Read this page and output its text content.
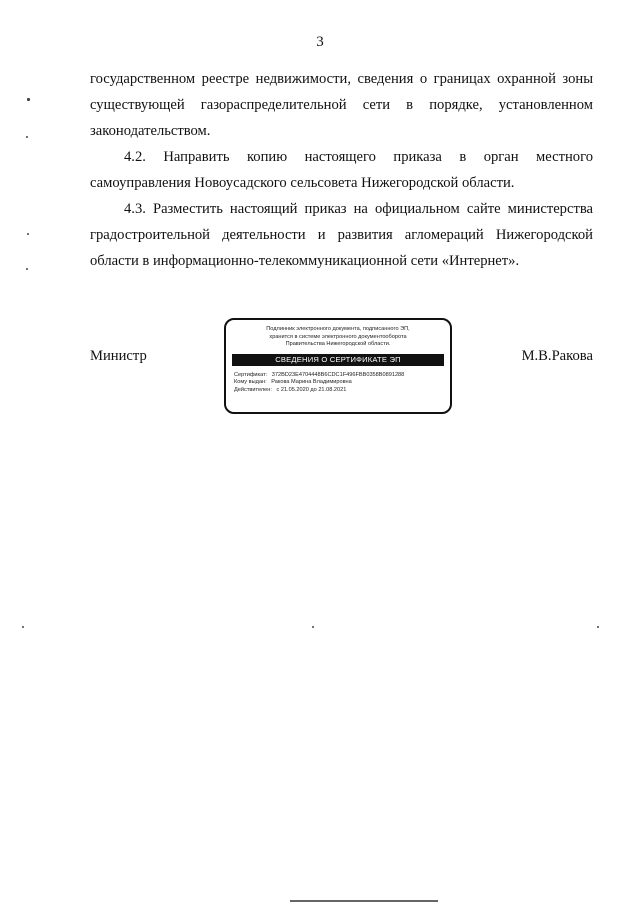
3

государственном реестре недвижимости, сведения о границах охранной зоны существующей газораспределительной сети в порядке, установленном законодательством.

4.2. Направить копию настоящего приказа в орган местного самоуправления Новоусадского сельсовета Нижегородской области.

4.3. Разместить настоящий приказ на официальном сайте министерства градостроительной деятельности и развития агломераций Нижегородской области в информационно-телекоммуникационной сети «Интернет».

Министр
Подлинник электронного документа, подписанного ЭП,
хранится в системе электронного документооборота
Правительства Нижегородской области.
СВЕДЕНИЯ О СЕРТИФИКАТЕ ЭП
Сертификат: 372BD23E4704448B6CDC1F496FBB0358B0891288
Кому выдан: Ракова Марина Владимировна
Действителен: с 21.05.2020 до 21.08.2021
М.В.Ракова
